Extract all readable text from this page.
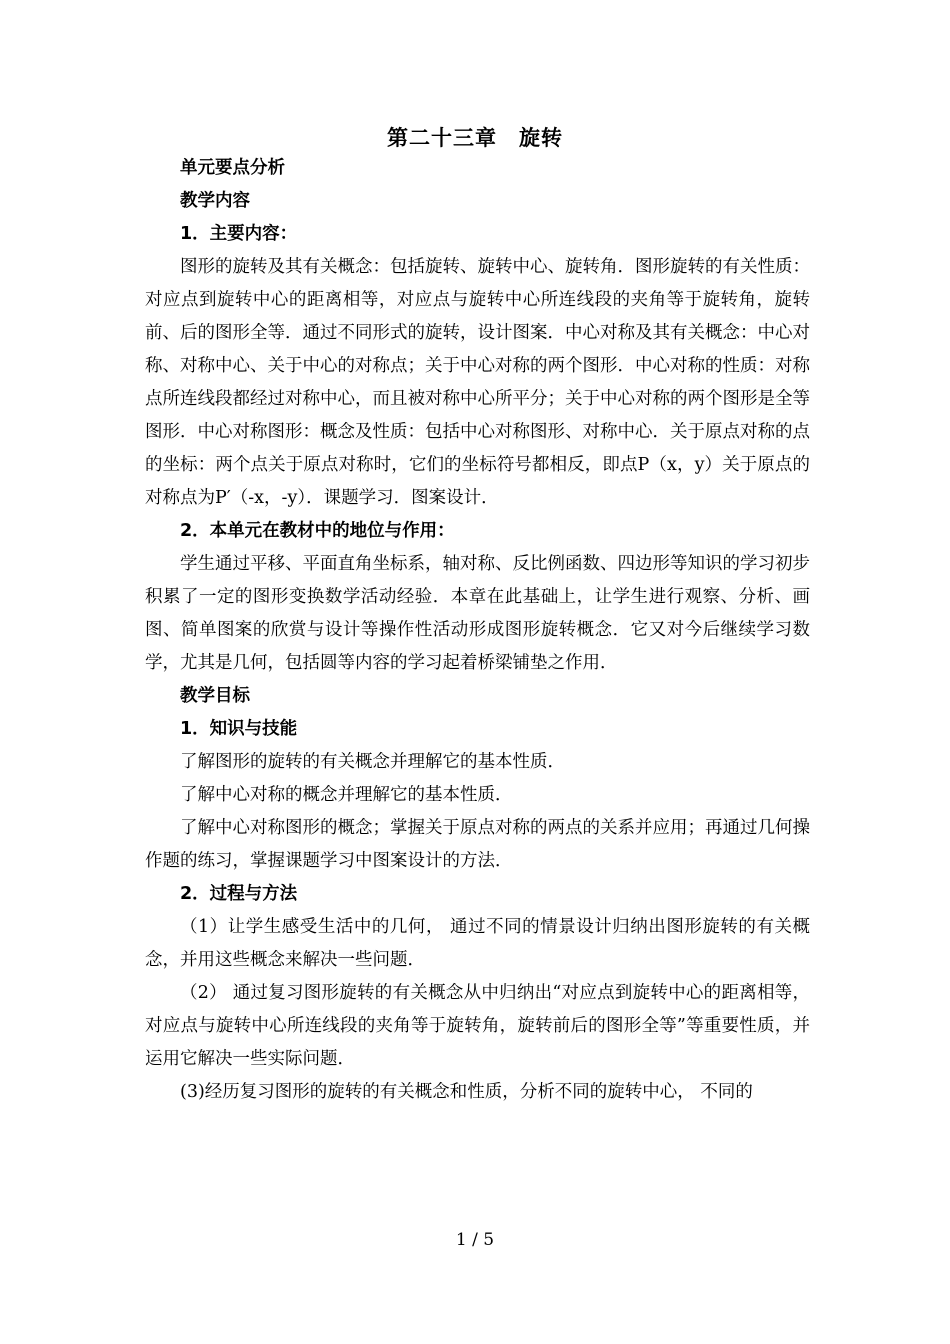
第二十三章　旋转

单元要点分析

教学内容

1．主要内容：

图形的旋转及其有关概念：包括旋转、旋转中心、旋转角．图形旋转的有关性质：对应点到旋转中心的距离相等，对应点与旋转中心所连线段的夹角等于旋转角，旋转前、后的图形全等．通过不同形式的旋转，设计图案．中心对称及其有关概念：中心对称、对称中心、关于中心的对称点；关于中心对称的两个图形．中心对称的性质：对称点所连线段都经过对称中心，而且被对称中心所平分；关于中心对称的两个图形是全等图形．中心对称图形：概念及性质：包括中心对称图形、对称中心．关于原点对称的点的坐标：两个点关于原点对称时，它们的坐标符号都相反，即点P（x，y）关于原点的对称点为P′（-x，-y）．课题学习．图案设计．

2．本单元在教材中的地位与作用：

学生通过平移、平面直角坐标系，轴对称、反比例函数、四边形等知识的学习初步积累了一定的图形变换数学活动经验．本章在此基础上，让学生进行观察、分析、画图、简单图案的欣赏与设计等操作性活动形成图形旋转概念．它又对今后继续学习数学，尤其是几何，包括圆等内容的学习起着桥梁铺垫之作用．

教学目标

1．知识与技能

了解图形的旋转的有关概念并理解它的基本性质．

了解中心对称的概念并理解它的基本性质．

了解中心对称图形的概念；掌握关于原点对称的两点的关系并应用；再通过几何操作题的练习，掌握课题学习中图案设计的方法．

2．过程与方法

（1）让学生感受生活中的几何， 通过不同的情景设计归纳出图形旋转的有关概念，并用这些概念来解决一些问题．

（2） 通过复习图形旋转的有关概念从中归纳出“对应点到旋转中心的距离相等，对应点与旋转中心所连线段的夹角等于旋转角，旋转前后的图形全等”等重要性质，并运用它解决一些实际问题．

(3)经历复习图形的旋转的有关概念和性质，分析不同的旋转中心， 不同的

1 / 5
